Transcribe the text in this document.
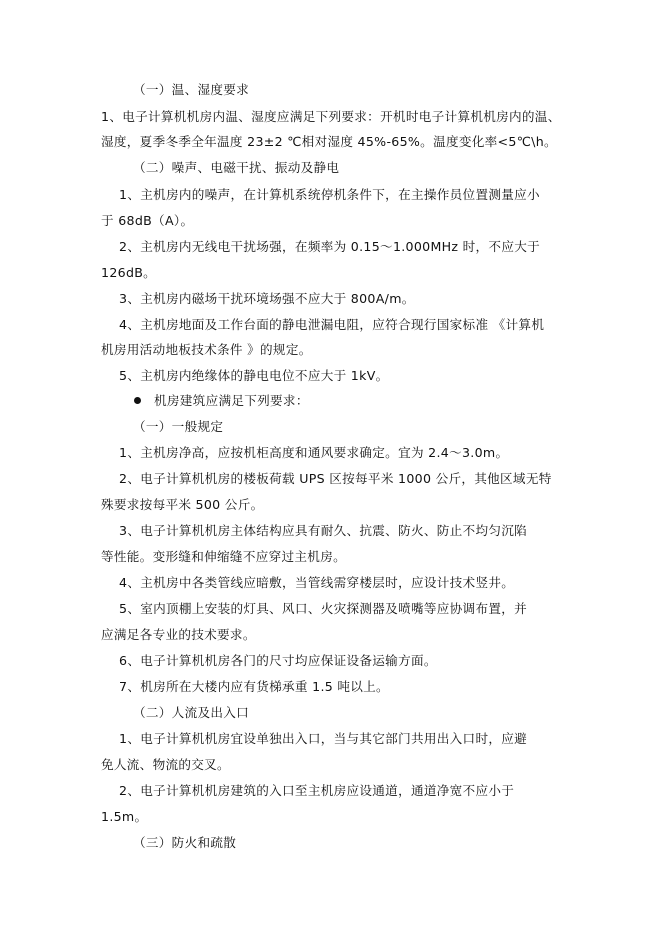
（一）温、湿度要求
1、电子计算机机房内温、湿度应满足下列要求：开机时电子计算机机房内的温、
湿度，夏季冬季全年温度 23±2 ℃相对湿度 45%-65%。温度变化率<5℃\h。
（二）噪声、电磁干扰、振动及静电
1、主机房内的噪声，在计算机系统停机条件下，在主操作员位置测量应小
于 68dB（A）。
2、主机房内无线电干扰场强，在频率为 0.15～1.000MHz 时，不应大于
126dB。
3、主机房内磁场干扰环境场强不应大于 800A/m。
4、主机房地面及工作台面的静电泄漏电阻，应符合现行国家标准 《计算机
机房用活动地板技术条件 》的规定。
5、主机房内绝缘体的静电电位不应大于 1kV。
机房建筑应满足下列要求：
（一）一般规定
1、主机房净高，应按机柜高度和通风要求确定。宜为 2.4～3.0m。
2、电子计算机机房的楼板荷载 UPS 区按每平米 1000 公斤，其他区域无特
殊要求按每平米 500 公斤。
3、电子计算机机房主体结构应具有耐久、抗震、防火、防止不均匀沉陷
等性能。变形缝和伸缩缝不应穿过主机房。
4、主机房中各类管线应暗敷，当管线需穿楼层时，应设计技术竖井。
5、室内顶棚上安装的灯具、风口、火灾探测器及喷嘴等应协调布置，并
应满足各专业的技术要求。
6、电子计算机机房各门的尺寸均应保证设备运输方面。
7、机房所在大楼内应有货梯承重 1.5 吨以上。
（二）人流及出入口
1、电子计算机机房宜设单独出入口，当与其它部门共用出入口时，应避
免人流、物流的交叉。
2、电子计算机机房建筑的入口至主机房应设通道，通道净宽不应小于
1.5m。
（三）防火和疏散
